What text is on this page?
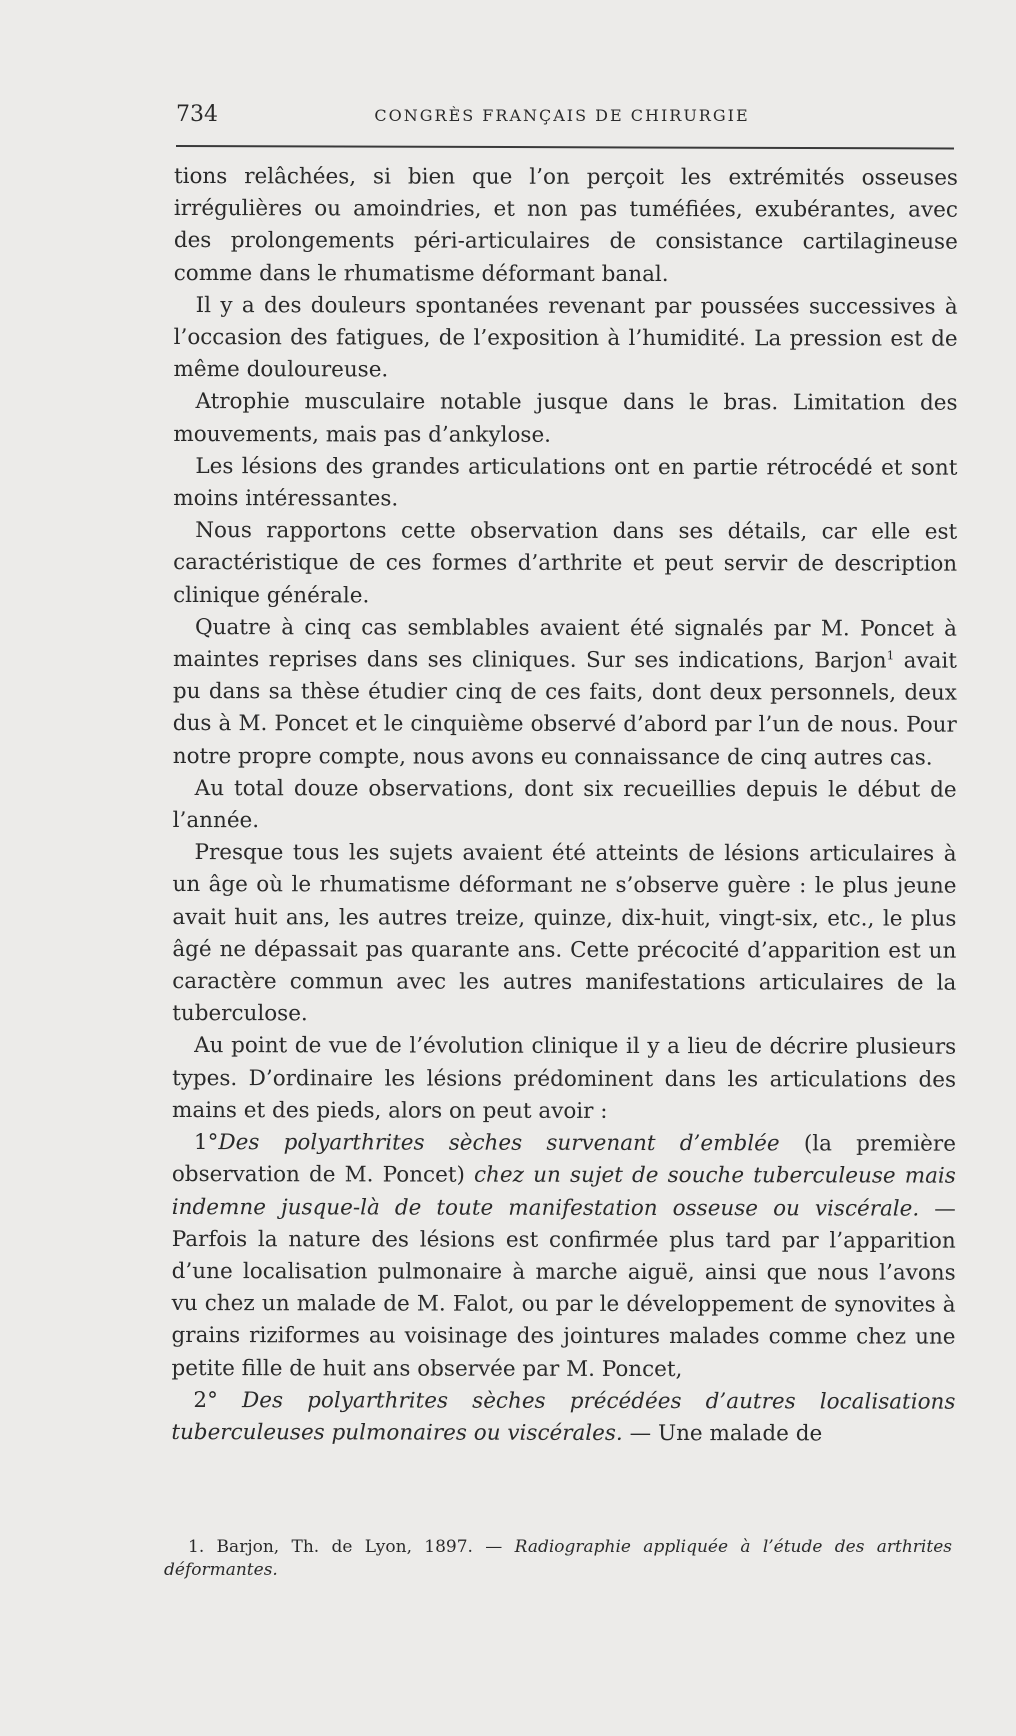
734	CONGRÈS FRANÇAIS DE CHIRURGIE

tions relâchées, si bien que l’on perçoit les extrémités osseuses irrégulières ou amoindries, et non pas tuméfiées, exubérantes, avec des prolongements péri-articulaires de consistance cartilagineuse comme dans le rhumatisme déformant banal.

Il y a des douleurs spontanées revenant par poussées successives à l’occasion des fatigues, de l’exposition à l’humidité. La pression est de même douloureuse.

Atrophie musculaire notable jusque dans le bras. Limitation des mouvements, mais pas d’ankylose.

Les lésions des grandes articulations ont en partie rétrocédé et sont moins intéressantes.

Nous rapportons cette observation dans ses détails, car elle est caractéristique de ces formes d’arthrite et peut servir de description clinique générale.

Quatre à cinq cas semblables avaient été signalés par M. Poncet à maintes reprises dans ses cliniques. Sur ses indications, Barjon$^1$ avait pu dans sa thèse étudier cinq de ces faits, dont deux personnels, deux dus à M. Poncet et le cinquième observé d’abord par l’un de nous. Pour notre propre compte, nous avons eu connaissance de cinq autres cas.

Au total douze observations, dont six recueillies depuis le début de l’année.

Presque tous les sujets avaient été atteints de lésions articulaires à un âge où le rhumatisme déformant ne s’observe guère : le plus jeune avait huit ans, les autres treize, quinze, dix-huit, vingt-six, etc., le plus âgé ne dépassait pas quarante ans. Cette précocité d’apparition est un caractère commun avec les autres manifestations articulaires de la tuberculose.

Au point de vue de l’évolution clinique il y a lieu de décrire plusieurs types. D’ordinaire les lésions prédominent dans les articulations des mains et des pieds, alors on peut avoir :

1°Des polyarthrites sèches survenant d’emblée (la première observation de M. Poncet) chez un sujet de souche tuberculeuse mais indemne jusque-là de toute manifestation osseuse ou viscérale. — Parfois la nature des lésions est confirmée plus tard par l’apparition d’une localisation pulmonaire à marche aiguë, ainsi que nous l’avons vu chez un malade de M. Falot, ou par le développement de synovites à grains riziformes au voisinage des jointures malades comme chez une petite fille de huit ans observée par M. Poncet,

2° Des polyarthrites sèches précédées d’autres localisations tuberculeuses pulmonaires ou viscérales. — Une malade de

1. Barjon, Th. de Lyon, 1897. — Radiographie appliquée à l’étude des arthrites déformantes.
